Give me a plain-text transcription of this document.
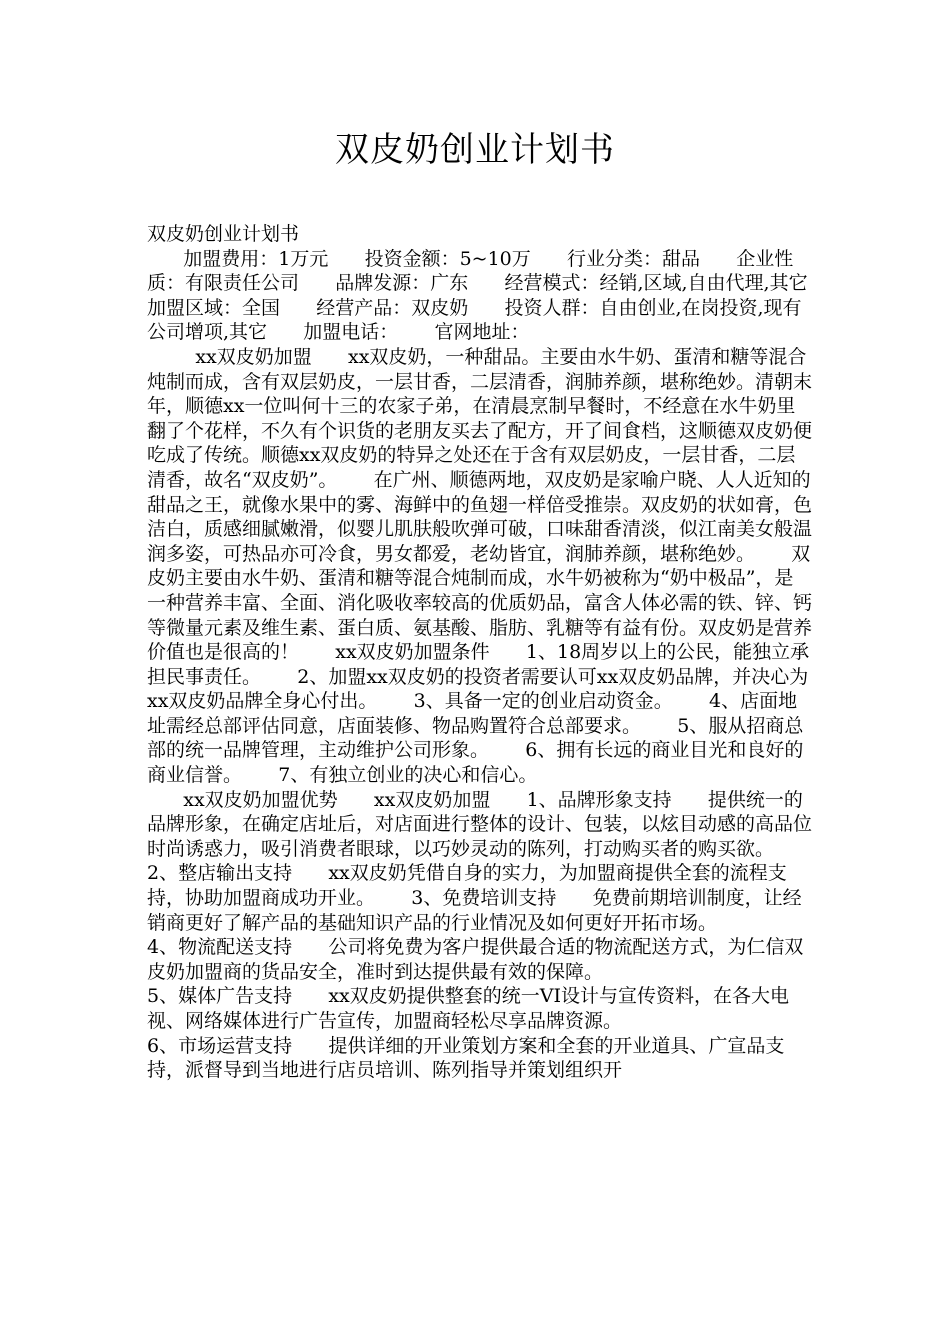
双皮奶创业计划书

双皮奶创业计划书
加盟费用：1万元      投资金额：5~10万      行业分类：甜品      企业性质：有限责任公司      品牌发源：广东      经营模式：经销,区域,自由代理,其它      加盟区域：全国      经营产品：双皮奶      投资人群：自由创业,在岗投资,现有公司增项,其它      加盟电话：      官网地址：
xx双皮奶加盟      xx双皮奶，一种甜品。主要由水牛奶、蛋清和糖等混合炖制而成，含有双层奶皮，一层甘香，二层清香，润肺养颜，堪称绝妙。清朝末年，顺德xx一位叫何十三的农家子弟，在清晨烹制早餐时，不经意在水牛奶里翻了个花样，不久有个识货的老朋友买去了配方，开了间食档，这顺德双皮奶便吃成了传统。顺德xx双皮奶的特异之处还在于含有双层奶皮，一层甘香，二层清香，故名“双皮奶”。      在广州、顺德两地，双皮奶是家喻户晓、人人近知的甜品之王，就像水果中的雾、海鲜中的鱼翅一样倍受推崇。双皮奶的状如膏，色洁白，质感细腻嫩滑，似婴儿肌肤般吹弹可破，口味甜香清淡，似江南美女般温润多姿，可热品亦可冷食，男女都爱，老幼皆宜，润肺养颜，堪称绝妙。      双皮奶主要由水牛奶、蛋清和糖等混合炖制而成，水牛奶被称为“奶中极品”，是一种营养丰富、全面、消化吸收率较高的优质奶品，富含人体必需的铁、锌、钙等微量元素及维生素、蛋白质、氨基酸、脂肪、乳糖等有益有份。双皮奶是营养价值也是很高的！      xx双皮奶加盟条件      1、18周岁以上的公民，能独立承担民事责任。      2、加盟xx双皮奶的投资者需要认可xx双皮奶品牌，并决心为xx双皮奶品牌全身心付出。      3、具备一定的创业启动资金。      4、店面地址需经总部评估同意，店面装修、物品购置符合总部要求。      5、服从招商总部的统一品牌管理，主动维护公司形象。      6、拥有长远的商业目光和良好的商业信誉。      7、有独立创业的决心和信心。
xx双皮奶加盟优势      xx双皮奶加盟      1、品牌形象支持      提供统一的品牌形象，在确定店址后，对店面进行整体的设计、包装，以炫目动感的高品位时尚诱惑力，吸引消费者眼球，以巧妙灵动的陈列，打动购买者的购买欲。      2、整店输出支持      xx双皮奶凭借自身的实力，为加盟商提供全套的流程支持，协助加盟商成功开业。      3、免费培训支持      免费前期培训制度，让经销商更好了解产品的基础知识产品的行业情况及如何更好开拓市场。
4、物流配送支持      公司将免费为客户提供最合适的物流配送方式，为仁信双皮奶加盟商的货品安全，准时到达提供最有效的保障。
5、媒体广告支持      xx双皮奶提供整套的统一VI设计与宣传资料，在各大电视、网络媒体进行广告宣传，加盟商轻松尽享品牌资源。
6、市场运营支持      提供详细的开业策划方案和全套的开业道具、广宣品支持，派督导到当地进行店员培训、陈列指导并策划组织开
